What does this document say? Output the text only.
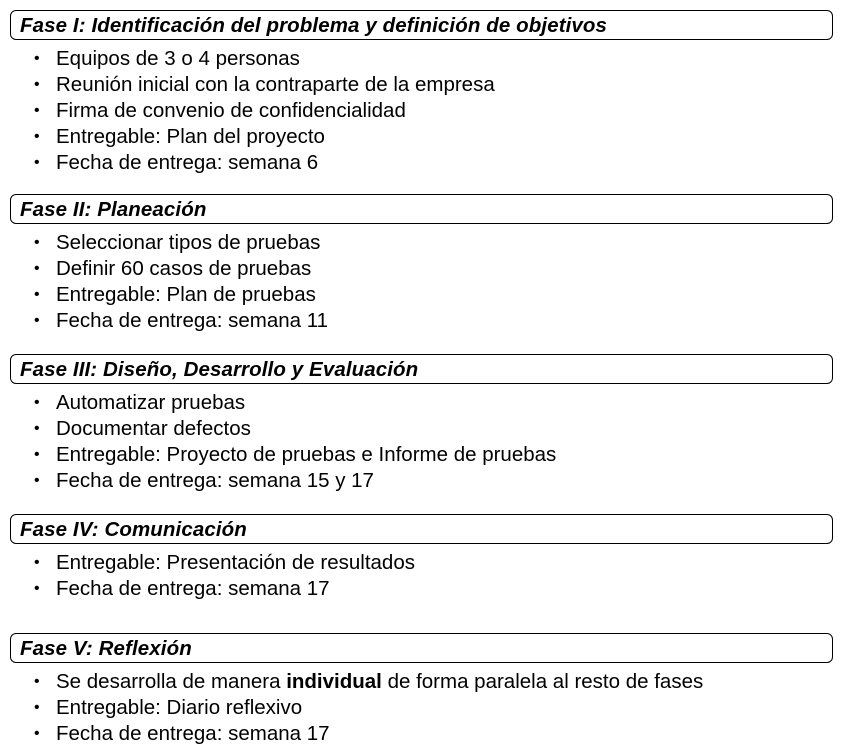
Fase I: Identificación del problema y definición de objetivos
• Equipos de 3 o 4 personas
• Reunión inicial con la contraparte de la empresa
• Firma de convenio de confidencialidad
• Entregable: Plan del proyecto
• Fecha de entrega: semana 6
Fase II: Planeación
• Seleccionar tipos de pruebas
• Definir 60 casos de pruebas
• Entregable: Plan de pruebas
• Fecha de entrega: semana 11
Fase III: Diseño, Desarrollo y Evaluación
• Automatizar pruebas
• Documentar defectos
• Entregable: Proyecto de pruebas e Informe de pruebas
• Fecha de entrega: semana 15 y 17
Fase IV: Comunicación
• Entregable: Presentación de resultados
• Fecha de entrega: semana 17
Fase V: Reflexión
• Se desarrolla de manera individual de forma paralela al resto de fases
• Entregable: Diario reflexivo
• Fecha de entrega: semana 17
